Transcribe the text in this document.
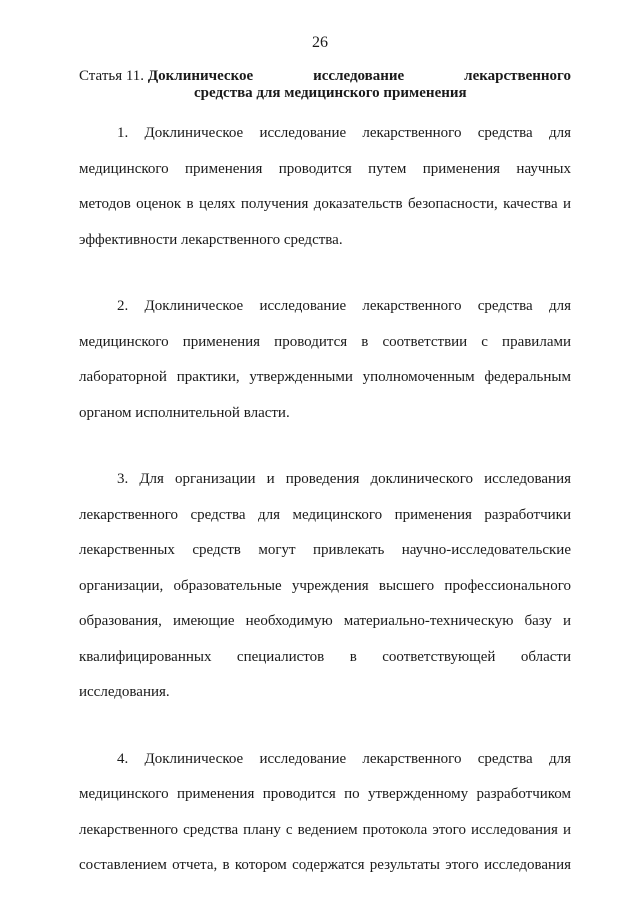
26
Статья 11. Доклиническое	исследование	лекарственного
средства для медицинского применения
1. Доклиническое исследование лекарственного средства для
медицинского применения проводится путем применения научных
методов оценок в целях получения доказательств безопасности, качества и
эффективности лекарственного средства.
2. Доклиническое исследование лекарственного средства для
медицинского применения проводится в соответствии с правилами
лабораторной практики, утвержденными уполномоченным федеральным
органом исполнительной власти.
3. Для организации и проведения доклинического исследования
лекарственного средства для медицинского применения разработчики
лекарственных средств могут привлекать научно-исследовательские
организации, образовательные учреждения высшего профессионального
образования, имеющие необходимую материально-техническую базу и
квалифицированных специалистов в соответствующей области
исследования.
4. Доклиническое исследование лекарственного средства для
медицинского применения проводится по утвержденному разработчиком
лекарственного средства плану с ведением протокола этого исследования и
составлением отчета, в котором содержатся результаты этого исследования
